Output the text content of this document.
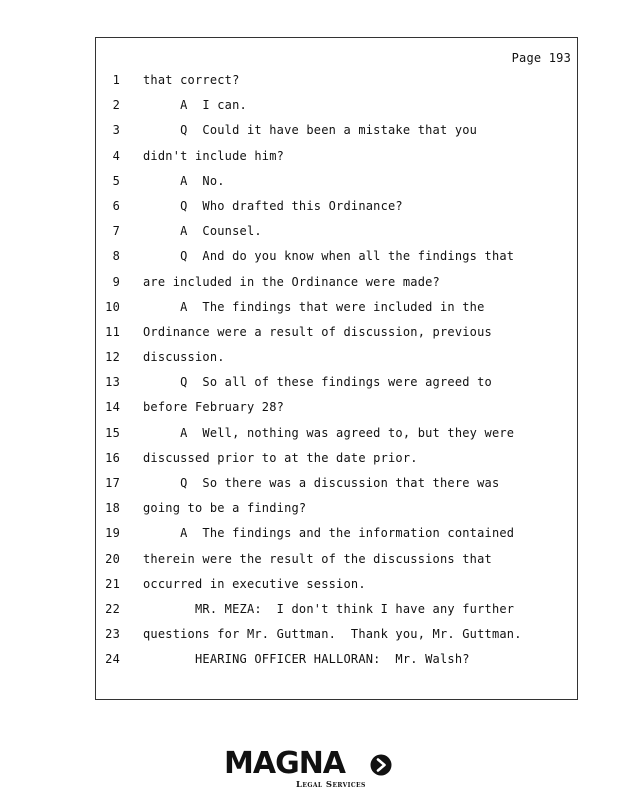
Page 193
1 that correct?
2 A  I can.
3 Q  Could it have been a mistake that you
4 didn't include him?
5 A  No.
6 Q  Who drafted this Ordinance?
7 A  Counsel.
8 Q  And do you know when all the findings that
9 are included in the Ordinance were made?
10 A  The findings that were included in the
11 Ordinance were a result of discussion, previous
12 discussion.
13 Q  So all of these findings were agreed to
14 before February 28?
15 A  Well, nothing was agreed to, but they were
16 discussed prior to at the date prior.
17 Q  So there was a discussion that there was
18 going to be a finding?
19 A  The findings and the information contained
20 therein were the result of the discussions that
21 occurred in executive session.
22 MR. MEZA:  I don't think I have any further
23 questions for Mr. Guttman.  Thank you, Mr. Guttman.
24 HEARING OFFICER HALLORAN:  Mr. Walsh?
MAGNA
Legal Services
